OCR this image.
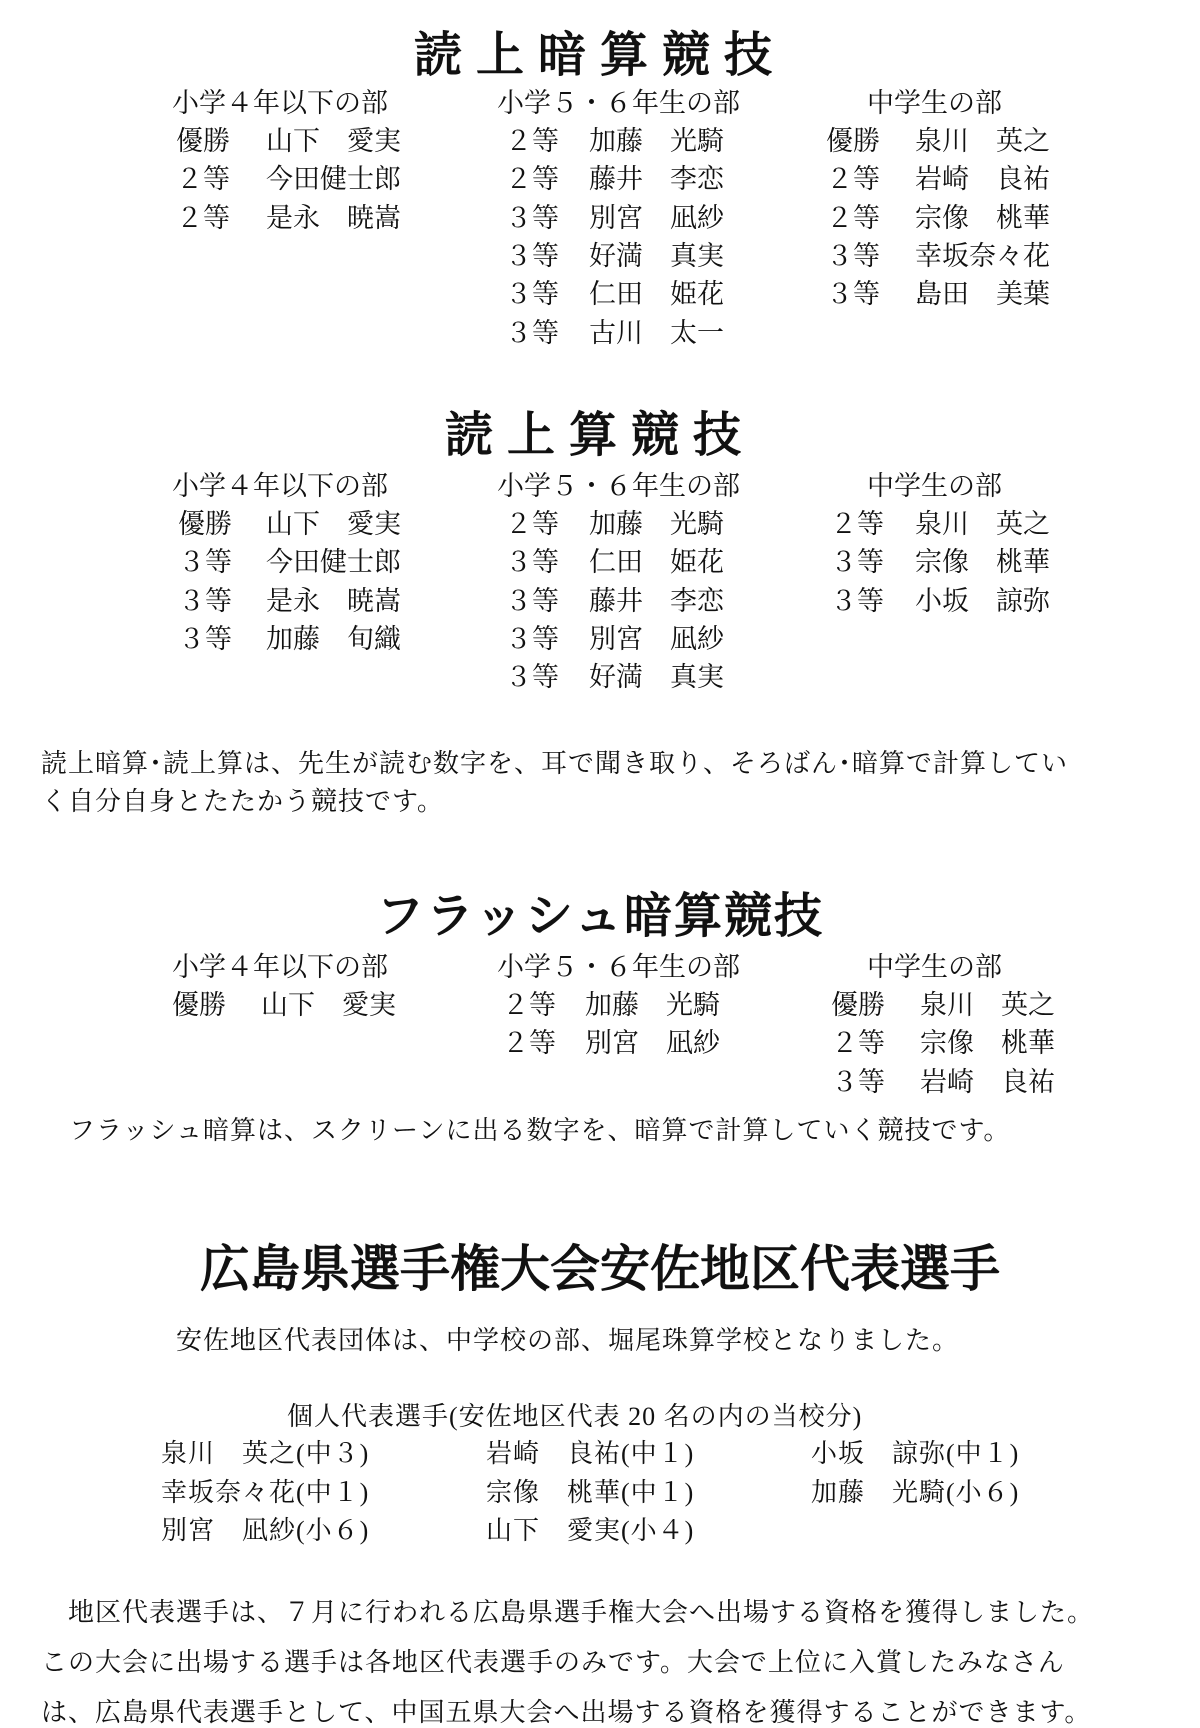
読上暗算競技
小学４年以下の部
優勝 山下　愛実
２等 今田健士郎
２等 是永　暁嵩
小学５・６年生の部
２等 加藤　光騎
２等 藤井　李恋
３等 別宮　凪紗
３等 好満　真実
３等 仁田　姫花
３等 古川　太一
中学生の部
優勝 泉川　英之
２等 岩崎　良祐
２等 宗像　桃華
３等 幸坂奈々花
３等 島田　美葉
読上算競技
小学４年以下の部
優勝 山下　愛実
３等 今田健士郎
３等 是永　暁嵩
３等 加藤　旬織
小学５・６年生の部
２等 加藤　光騎
３等 仁田　姫花
３等 藤井　李恋
３等 別宮　凪紗
３等 好満　真実
中学生の部
２等 泉川　英之
３等 宗像　桃華
３等 小坂　諒弥
フラッシュ暗算競技
小学４年以下の部
優勝 山下　愛実
小学５・６年生の部
２等 加藤　光騎
２等 別宮　凪紗
中学生の部
優勝 泉川　英之
２等 宗像　桃華
３等 岩崎　良祐
読上暗算･読上算は、先生が読む数字を、耳で聞き取り、そろばん･暗算で計算してい
く自分自身とたたかう競技です。
フラッシュ暗算は、スクリーンに出る数字を、暗算で計算していく競技です。
広島県選手権大会安佐地区代表選手
安佐地区代表団体は、中学校の部、堀尾珠算学校となりました。
個人代表選手(安佐地区代表 20 名の内の当校分)
泉川　英之(中３)	岩崎　良祐(中１)	小坂　諒弥(中１)
幸坂奈々花(中１)	宗像　桃華(中１)	加藤　光騎(小６)
別宮　凪紗(小６)	山下　愛実(小４)
　地区代表選手は、７月に行われる広島県選手権大会へ出場する資格を獲得しました。
この大会に出場する選手は各地区代表選手のみです。大会で上位に入賞したみなさん
は、広島県代表選手として、中国五県大会へ出場する資格を獲得することができます。
